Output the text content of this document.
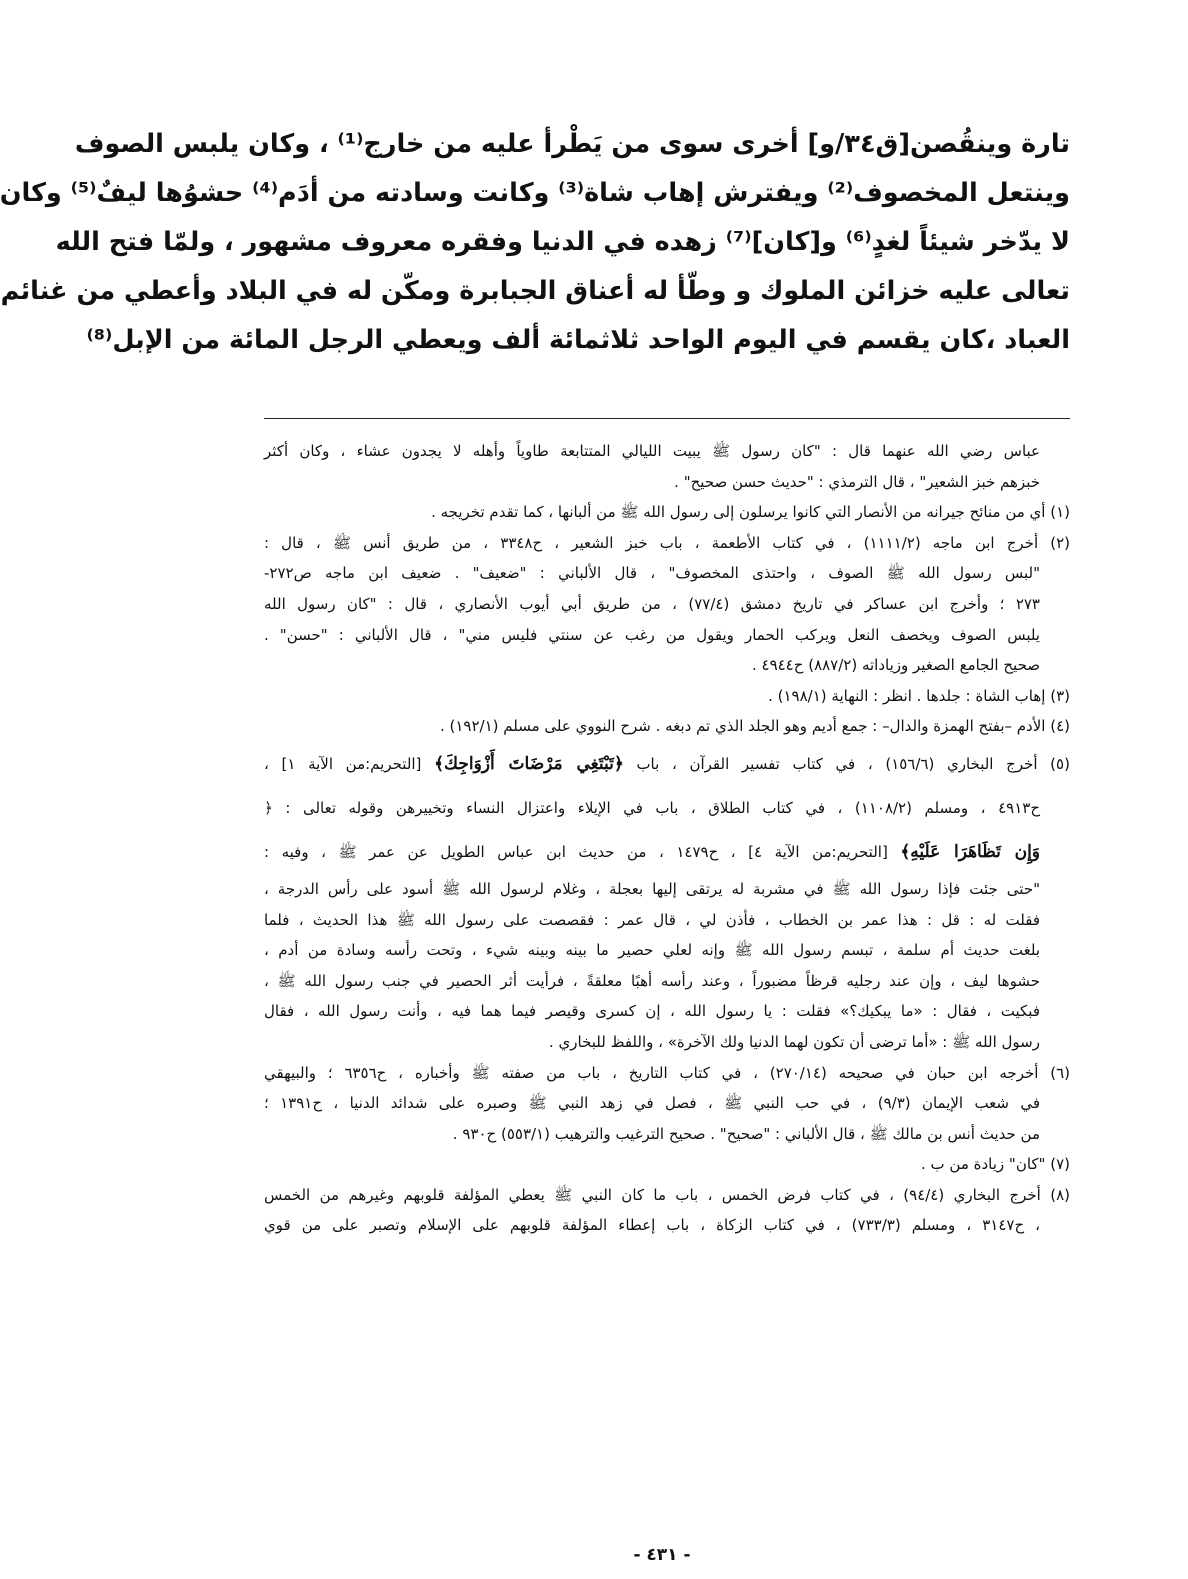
تارة وينقُصن[ق٣٤/و] أخرى سوى من يَطْرأ عليه من خارج⁽¹⁾ ، وكان يلبس الصوف
وينتعل المخصوف⁽²⁾ ويفترش إهاب شاة⁽³⁾ وكانت وسادته من أدَم⁽⁴⁾ حشوُها ليفٌ⁽⁵⁾ وكان
لا يدّخر شيئاً لغدٍ⁽⁶⁾ و[كان]⁽⁷⁾ زهده في الدنيا وفقره معروف مشهور ، ولمّا فتح الله
تعالى عليه خزائن الملوك و وطّأ له أعناق الجبابرة ومكّن له في البلاد وأعطي من غنائم
العباد ،كان يقسم في اليوم الواحد ثلاثمائة ألف ويعطي الرجل المائة من الإبل⁽⁸⁾
عباس رضي الله عنهما قال : "كان رسول ﷺ يبيت الليالي المتتابعة طاوياً وأهله لا يجدون عشاء ، وكان أكثر
خبزهم خبز الشعير" ، قال الترمذي : "حديث حسن صحيح" .
(١) أي من منائح جيرانه من الأنصار التي كانوا يرسلون إلى رسول الله ﷺ من ألبانها ، كما تقدم تخريجه .
(٢) أخرج ابن ماجه (١١١١/٢) ، في كتاب الأطعمة ، باب خبز الشعير ، ح٣٣٤٨ ، من طريق أنس ﷺ ، قال :
"لبس رسول الله ﷺ الصوف ، واحتذى المخصوف" ، قال الألباني : "ضعيف" . ضعيف ابن ماجه ص٢٧٢-
٢٧٣ ؛ وأخرج ابن عساكر في تاريخ دمشق (٧٧/٤) ، من طريق أبي أيوب الأنصاري ، قال : "كان رسول الله
يلبس الصوف ويخصف النعل ويركب الحمار ويقول من رغب عن سنتي فليس مني" ، قال الألباني : "حسن" .
صحيح الجامع الصغير وزياداته (٨٨٧/٢) ح٤٩٤٤ .
(٣) إهاب الشاة : جلدها . انظر : النهاية (١٩٨/١) .
(٤) الأدم –بفتح الهمزة والدال– : جمع أديم وهو الجلد الذي تم دبغه . شرح النووي على مسلم (١٩٢/١) .
(٥) أخرج البخاري (١٥٦/٦) ، في كتاب تفسير القرآن ، باب ﴿تَبْتَغِي مَرْضَاتَ أَزْوَاجِكَ﴾ [التحريم:من الآية ١] ،
ح٤٩١٣ ، ومسلم (١١٠٨/٢) ، في كتاب الطلاق ، باب في الإيلاء واعتزال النساء وتخييرهن وقوله تعالى : ﴿
وَإِن تَظَاهَرَا عَلَيْهِ﴾ [التحريم:من الآية ٤] ، ح١٤٧٩ ، من حديث ابن عباس الطويل عن عمر ﷺ ، وفيه :
"حتى جئت فإذا رسول الله ﷺ في مشربة له يرتقى إليها بعجلة ، وغلام لرسول الله ﷺ أسود على رأس الدرجة ،
فقلت له : قل : هذا عمر بن الخطاب ، فأذن لي ، قال عمر : فقصصت على رسول الله ﷺ هذا الحديث ، فلما
بلغت حديث أم سلمة ، تبسم رسول الله ﷺ وإنه لعلي حصير ما بينه وبينه شيء ، وتحت رأسه وسادة من أدم ،
حشوها ليف ، وإن عند رجليه قرظاً مضبوراً ، وعند رأسه أهبًا معلقةً ، فرأيت أثر الحصير في جنب رسول الله ﷺ ،
فبكيت ، فقال : «ما يبكيك؟» فقلت : يا رسول الله ، إن كسرى وقيصر فيما هما فيه ، وأنت رسول الله ، فقال
رسول الله ﷺ : «أما ترضى أن تكون لهما الدنيا ولك الآخرة» ، واللفظ للبخاري .
(٦) أخرجه ابن حبان في صحيحه (٢٧٠/١٤) ، في كتاب التاريخ ، باب من صفته ﷺ وأخباره ، ح٦٣٥٦ ؛ والبيهقي
في شعب الإيمان (٩/٣) ، في حب النبي ﷺ ، فصل في زهد النبي ﷺ وصبره على شدائد الدنيا ، ح١٣٩١ ؛
من حديث أنس بن مالك ﷺ ، قال الألباني : "صحيح" . صحيح الترغيب والترهيب (٥٥٣/١) ح٩٣٠ .
(٧) "كان" زيادة من ب .
(٨) أخرج البخاري (٩٤/٤) ، في كتاب فرض الخمس ، باب ما كان النبي ﷺ يعطي المؤلفة قلوبهم وغيرهم من الخمس
، ح٣١٤٧ ، ومسلم (٧٣٣/٣) ، في كتاب الزكاة ، باب إعطاء المؤلفة قلوبهم على الإسلام وتصبر على من قوي
- ٤٣١ -
